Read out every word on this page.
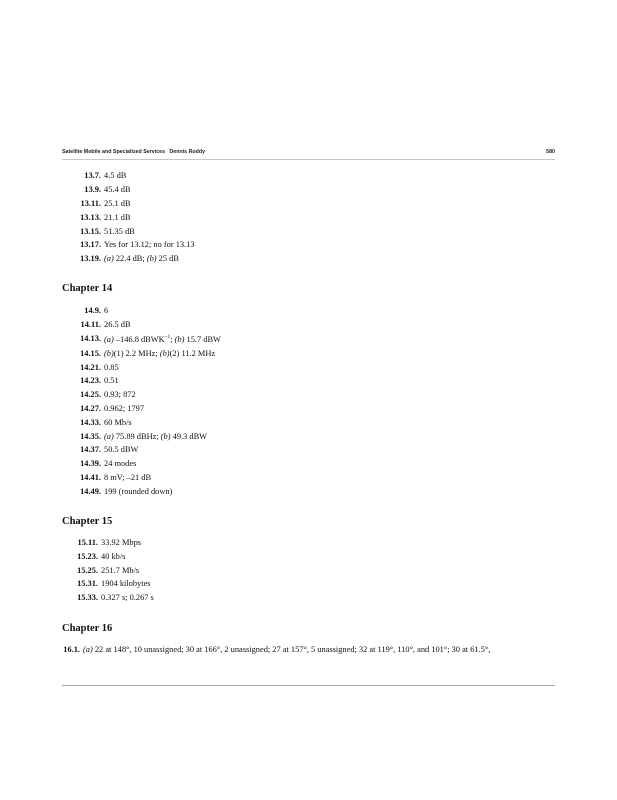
Satellite Mobile and Specialized Services Dennis Roddy	580
13.7. 4.5 dB
13.9. 45.4 dB
13.11. 25.1 dB
13.13. 21.1 dB
13.15. 51.35 dB
13.17. Yes for 13.12; no for 13.13
13.19. (a) 22.4 dB; (b) 25 dB
Chapter 14
14.9. 6
14.11. 26.5 dB
14.13. (a) –146.8 dBWK$^{-1}$; (b) 15.7 dBW
14.15. (b)(1) 2.2 MHz; (b)(2) 11.2 MHz
14.21. 0.85
14.23. 0.51
14.25. 0.93; 872
14.27. 0.962; 1797
14.33. 60 Mb/s
14.35. (a) 75.89 dBHz; (b) 49.3 dBW
14.37. 50.5 dBW
14.39. 24 modes
14.41. 8 mV; –21 dB
14.49. 199 (rounded down)
Chapter 15
15.11. 33.92 Mbps
15.23. 40 kb/s
15.25. 251.7 Mb/s
15.31. 1904 kilobytes
15.33. 0.327 s; 0.267 s
Chapter 16
16.1. (a) 22 at 148°, 10 unassigned; 30 at 166°, 2 unassigned; 27 at 157°, 5 unassigned; 32 at 119°, 110°, and 101°; 30 at 61.5°,
